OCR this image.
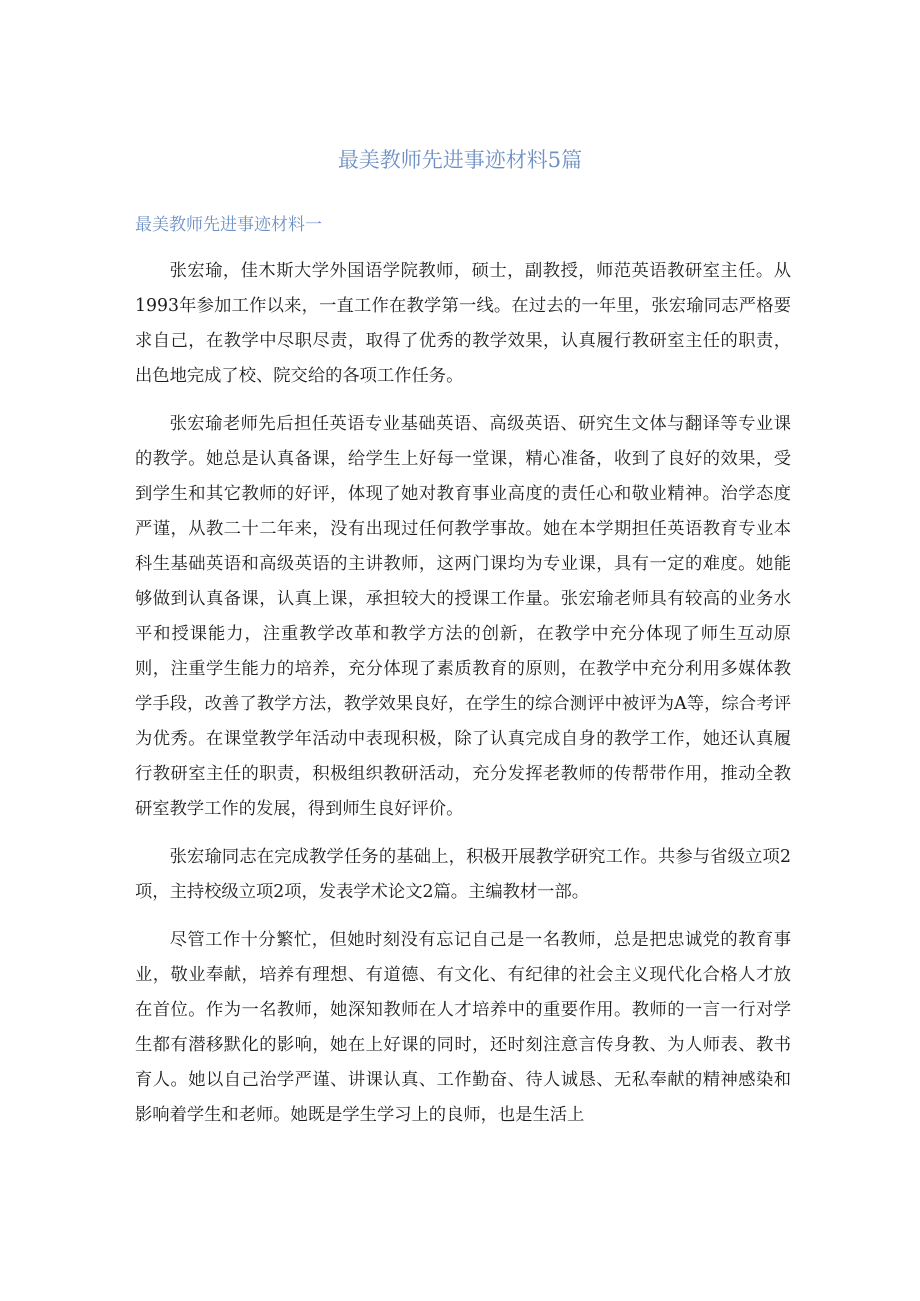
最美教师先进事迹材料5篇
最美教师先进事迹材料一

张宏瑜，佳木斯大学外国语学院教师，硕士，副教授，师范英语教研室主任。从1993年参加工作以来，一直工作在教学第一线。在过去的一年里，张宏瑜同志严格要求自己，在教学中尽职尽责，取得了优秀的教学效果，认真履行教研室主任的职责，出色地完成了校、院交给的各项工作任务。

张宏瑜老师先后担任英语专业基础英语、高级英语、研究生文体与翻译等专业课的教学。她总是认真备课，给学生上好每一堂课，精心准备，收到了良好的效果，受到学生和其它教师的好评，体现了她对教育事业高度的责任心和敬业精神。治学态度严谨，从教二十二年来，没有出现过任何教学事故。她在本学期担任英语教育专业本科生基础英语和高级英语的主讲教师，这两门课均为专业课，具有一定的难度。她能够做到认真备课，认真上课，承担较大的授课工作量。张宏瑜老师具有较高的业务水平和授课能力，注重教学改革和教学方法的创新，在教学中充分体现了师生互动原则，注重学生能力的培养，充分体现了素质教育的原则，在教学中充分利用多媒体教学手段，改善了教学方法，教学效果良好，在学生的综合测评中被评为A等，综合考评为优秀。在课堂教学年活动中表现积极，除了认真完成自身的教学工作，她还认真履行教研室主任的职责，积极组织教研活动，充分发挥老教师的传帮带作用，推动全教研室教学工作的发展，得到师生良好评价。

张宏瑜同志在完成教学任务的基础上，积极开展教学研究工作。共参与省级立项2项，主持校级立项2项，发表学术论文2篇。主编教材一部。

尽管工作十分繁忙，但她时刻没有忘记自己是一名教师，总是把忠诚党的教育事业，敬业奉献，培养有理想、有道德、有文化、有纪律的社会主义现代化合格人才放在首位。作为一名教师，她深知教师在人才培养中的重要作用。教师的一言一行对学生都有潜移默化的影响，她在上好课的同时，还时刻注意言传身教、为人师表、教书育人。她以自己治学严谨、讲课认真、工作勤奋、待人诚恳、无私奉献的精神感染和影响着学生和老师。她既是学生学习上的良师，也是生活上
